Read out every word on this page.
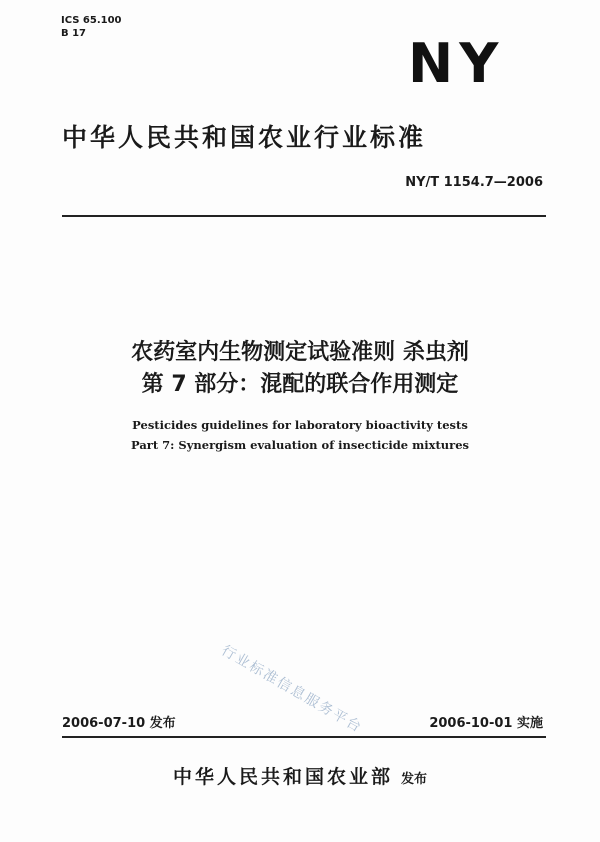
ICS 65.100
B 17	NY
中华人民共和国农业行业标准
NY/T 1154.7—2006
农药室内生物测定试验准则 杀虫剂
第 7 部分：混配的联合作用测定
Pesticides guidelines for laboratory bioactivity tests
Part 7: Synergism evaluation of insecticide mixtures
行业标准信息服务平台
2006-07-10 发布	2006-10-01 实施
中华人民共和国农业部 发布
